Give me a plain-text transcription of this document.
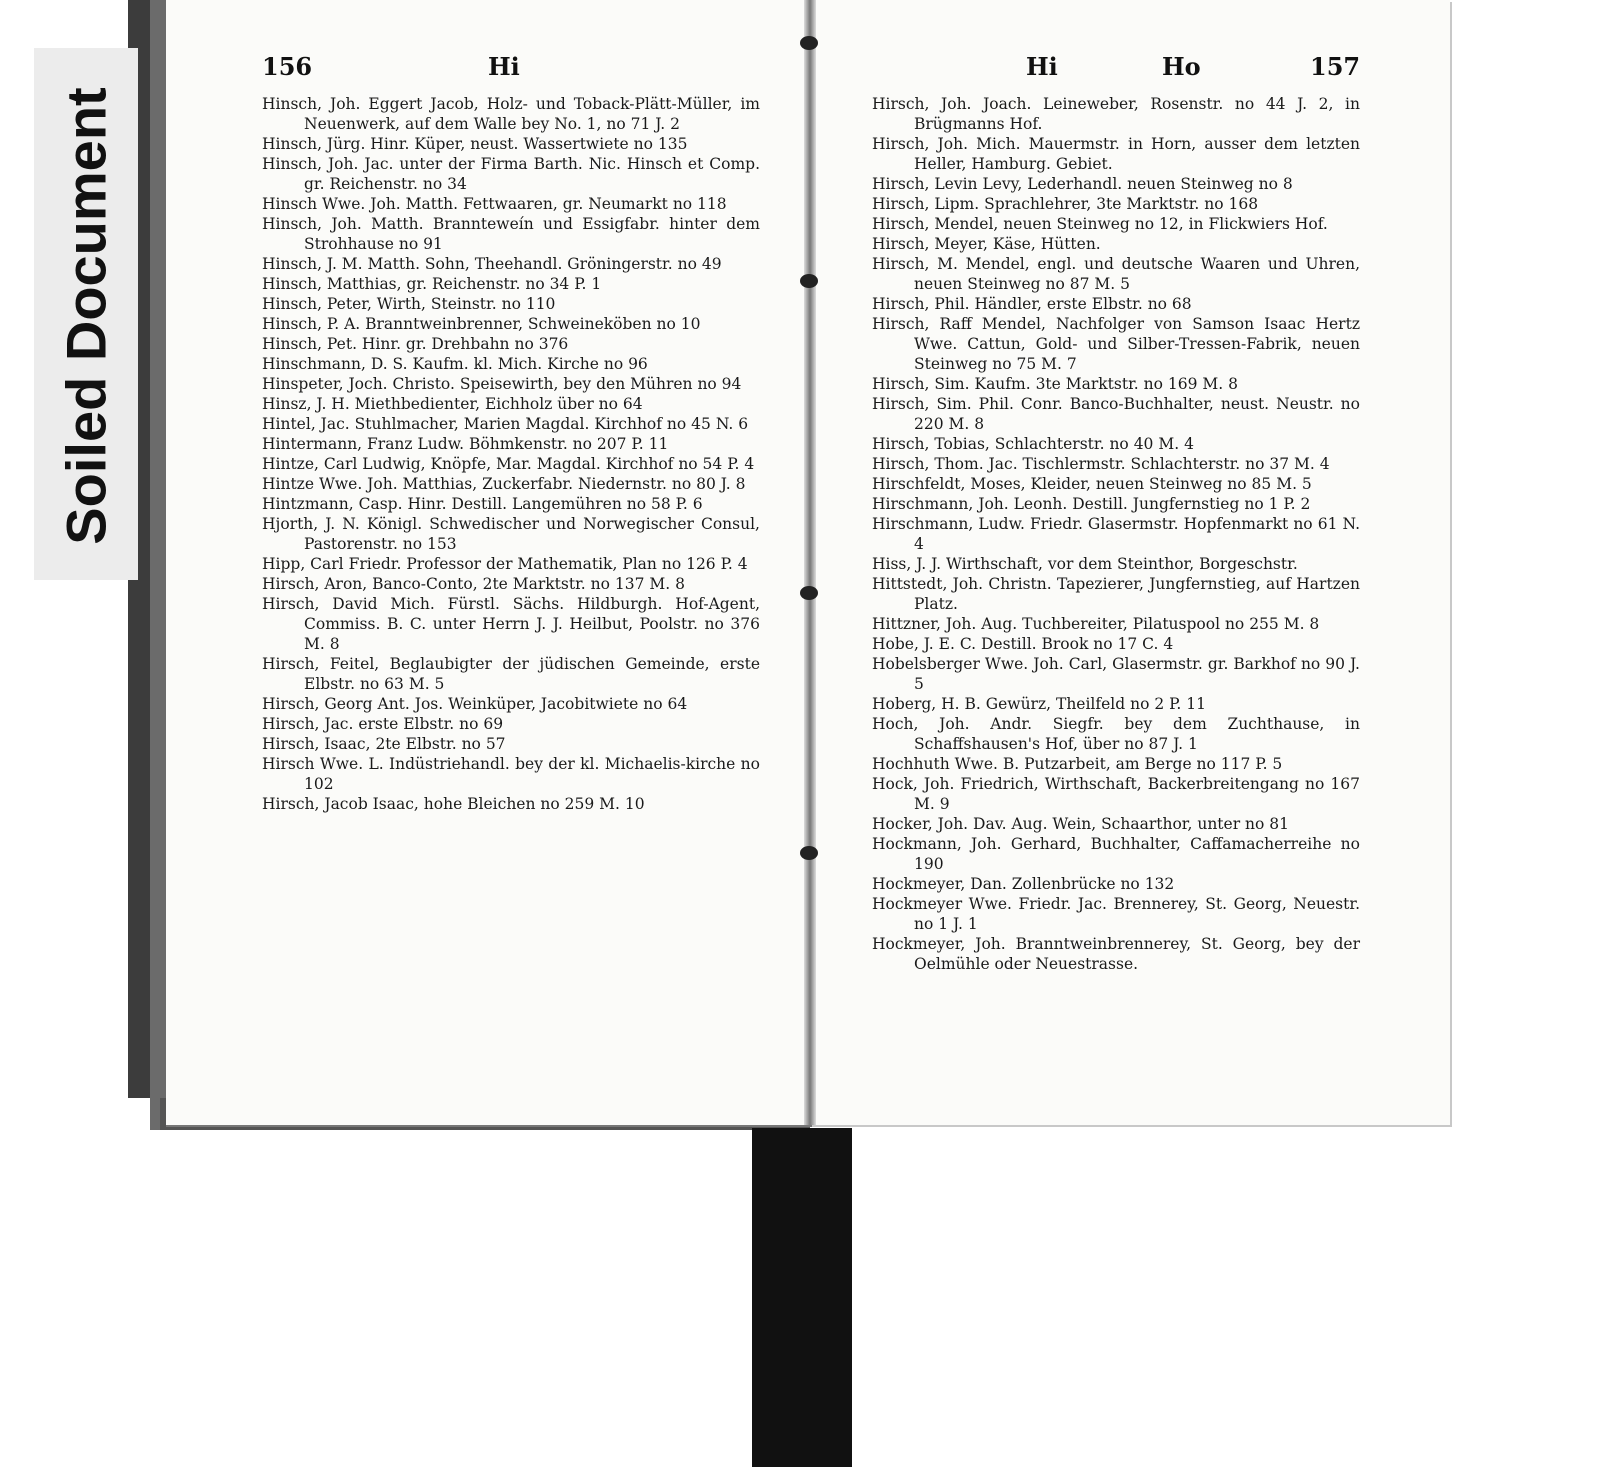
Soiled Document
156	Hi	Hi	Ho	157

Hinsch, Joh. Eggert Jacob, Holz- und Toback-Plätt-Müller, im Neuenwerk, auf dem Walle bey No. 1, no 71 J. 2

Hinsch, Jürg. Hinr. Küper, neust. Wassertwiete no 135

Hinsch, Joh. Jac. unter der Firma Barth. Nic. Hinsch et Comp. gr. Reichenstr. no 34

Hinsch Wwe. Joh. Matth. Fettwaaren, gr. Neumarkt no 118

Hinsch, Joh. Matth. Brannteweín und Essigfabr. hinter dem Strohhause no 91

Hinsch, J. M. Matth. Sohn, Theehandl. Gröningerstr. no 49

Hinsch, Matthias, gr. Reichenstr. no 34 P. 1

Hinsch, Peter, Wirth, Steinstr. no 110

Hinsch, P. A. Branntweinbrenner, Schweineköben no 10

Hinsch, Pet. Hinr. gr. Drehbahn no 376

Hinschmann, D. S. Kaufm. kl. Mich. Kirche no 96

Hinspeter, Joch. Christo. Speisewirth, bey den Mühren no 94

Hinsz, J. H. Miethbedienter, Eichholz über no 64

Hintel, Jac. Stuhlmacher, Marien Magdal. Kirchhof no 45 N. 6

Hintermann, Franz Ludw. Böhmkenstr. no 207 P. 11

Hintze, Carl Ludwig, Knöpfe, Mar. Magdal. Kirchhof no 54 P. 4

Hintze Wwe. Joh. Matthias, Zuckerfabr. Niedernstr. no 80 J. 8

Hintzmann, Casp. Hinr. Destill. Langemühren no 58 P. 6

Hjorth, J. N. Königl. Schwedischer und Norwegischer Consul, Pastorenstr. no 153

Hipp, Carl Friedr. Professor der Mathematik, Plan no 126 P. 4

Hirsch, Aron, Banco-Conto, 2te Marktstr. no 137 M. 8

Hirsch, David Mich. Fürstl. Sächs. Hildburgh. Hof-Agent, Commiss. B. C. unter Herrn J. J. Heilbut, Poolstr. no 376 M. 8

Hirsch, Feitel, Beglaubigter der jüdischen Gemeinde, erste Elbstr. no 63 M. 5

Hirsch, Georg Ant. Jos. Weinküper, Jacobitwiete no 64

Hirsch, Jac. erste Elbstr. no 69

Hirsch, Isaac, 2te Elbstr. no 57

Hirsch Wwe. L. Indüstriehandl. bey der kl. Michaelis-kirche no 102

Hirsch, Jacob Isaac, hohe Bleichen no 259 M. 10

Hirsch, Joh. Joach. Leineweber, Rosenstr. no 44 J. 2, in Brügmanns Hof.

Hirsch, Joh. Mich. Mauermstr. in Horn, ausser dem letzten Heller, Hamburg. Gebiet.

Hirsch, Levin Levy, Lederhandl. neuen Steinweg no 8

Hirsch, Lipm. Sprachlehrer, 3te Marktstr. no 168

Hirsch, Mendel, neuen Steinweg no 12, in Flickwiers Hof.

Hirsch, Meyer, Käse, Hütten.

Hirsch, M. Mendel, engl. und deutsche Waaren und Uhren, neuen Steinweg no 87 M. 5

Hirsch, Phil. Händler, erste Elbstr. no 68

Hirsch, Raff Mendel, Nachfolger von Samson Isaac Hertz Wwe. Cattun, Gold- und Silber-Tressen-Fabrik, neuen Steinweg no 75 M. 7

Hirsch, Sim. Kaufm. 3te Marktstr. no 169 M. 8

Hirsch, Sim. Phil. Conr. Banco-Buchhalter, neust. Neustr. no 220 M. 8

Hirsch, Tobias, Schlachterstr. no 40 M. 4

Hirsch, Thom. Jac. Tischlermstr. Schlachterstr. no 37 M. 4

Hirschfeldt, Moses, Kleider, neuen Steinweg no 85 M. 5

Hirschmann, Joh. Leonh. Destill. Jungfernstieg no 1 P. 2

Hirschmann, Ludw. Friedr. Glasermstr. Hopfenmarkt no 61 N. 4

Hiss, J. J. Wirthschaft, vor dem Steinthor, Borgeschstr.

Hittstedt, Joh. Christn. Tapezierer, Jungfernstieg, auf Hartzen Platz.

Hittzner, Joh. Aug. Tuchbereiter, Pilatuspool no 255 M. 8

Hobe, J. E. C. Destill. Brook no 17 C. 4

Hobelsberger Wwe. Joh. Carl, Glasermstr. gr. Barkhof no 90 J. 5

Hoberg, H. B. Gewürz, Theilfeld no 2 P. 11

Hoch, Joh. Andr. Siegfr. bey dem Zuchthause, in Schaffshausen's Hof, über no 87 J. 1

Hochhuth Wwe. B. Putzarbeit, am Berge no 117 P. 5

Hock, Joh. Friedrich, Wirthschaft, Backerbreitengang no 167 M. 9

Hocker, Joh. Dav. Aug. Wein, Schaarthor, unter no 81

Hockmann, Joh. Gerhard, Buchhalter, Caffamacherreihe no 190

Hockmeyer, Dan. Zollenbrücke no 132

Hockmeyer Wwe. Friedr. Jac. Brennerey, St. Georg, Neuestr. no 1 J. 1

Hockmeyer, Joh. Branntweinbrennerey, St. Georg, bey der Oelmühle oder Neuestrasse.
